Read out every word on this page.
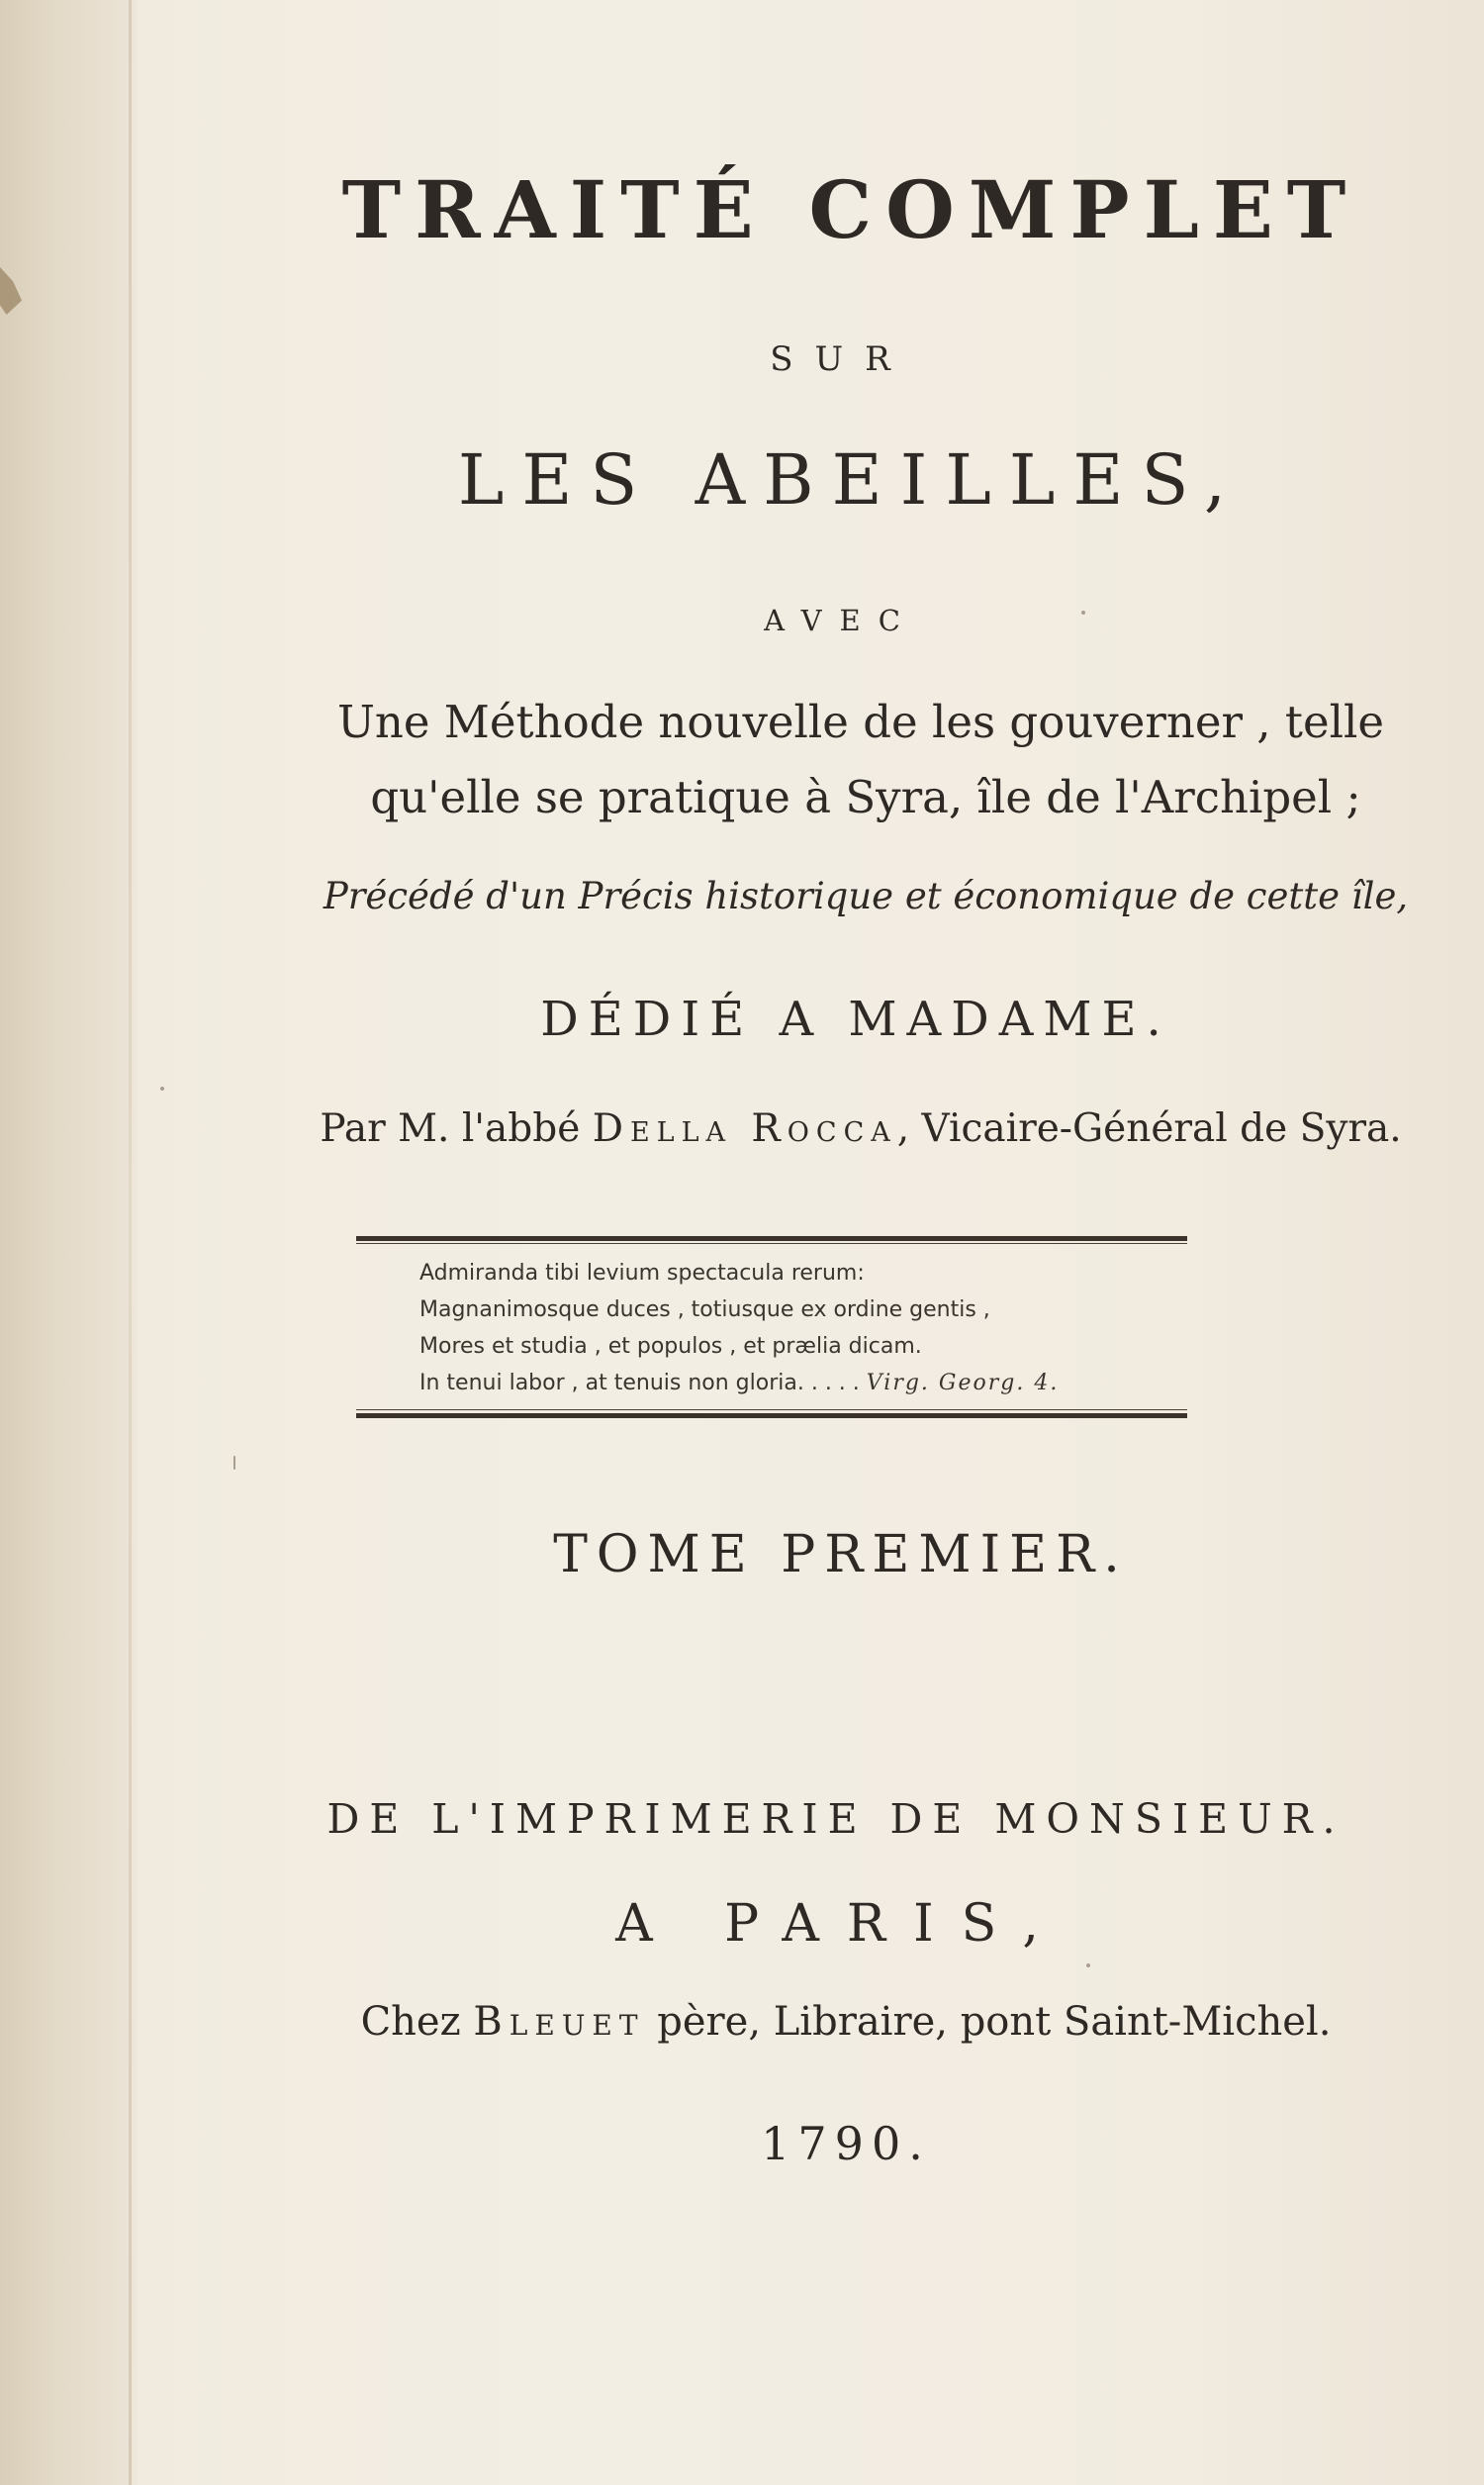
TRAITÉ COMPLET
SUR
LES ABEILLES,
AVEC
Une Méthode nouvelle de les gouverner , telle
qu'elle se pratique à Syra, île de l'Archipel ;
Précédé d'un Précis historique et économique de cette île,
DÉDIÉ A MADAME.
Par M. l'abbé Della Rocca, Vicaire-Général de Syra.
Admiranda tibi levium spectacula rerum:
Magnanimosque duces , totiusque ex ordine gentis ,
Mores et studia , et populos , et prælia dicam.
In tenui labor , at tenuis non gloria. . . . . Virg. Georg. 4.
TOME PREMIER.
DE L'IMPRIMERIE DE MONSIEUR.
A PARIS,
Chez Bleuet père, Libraire, pont Saint-Michel.
1790.
